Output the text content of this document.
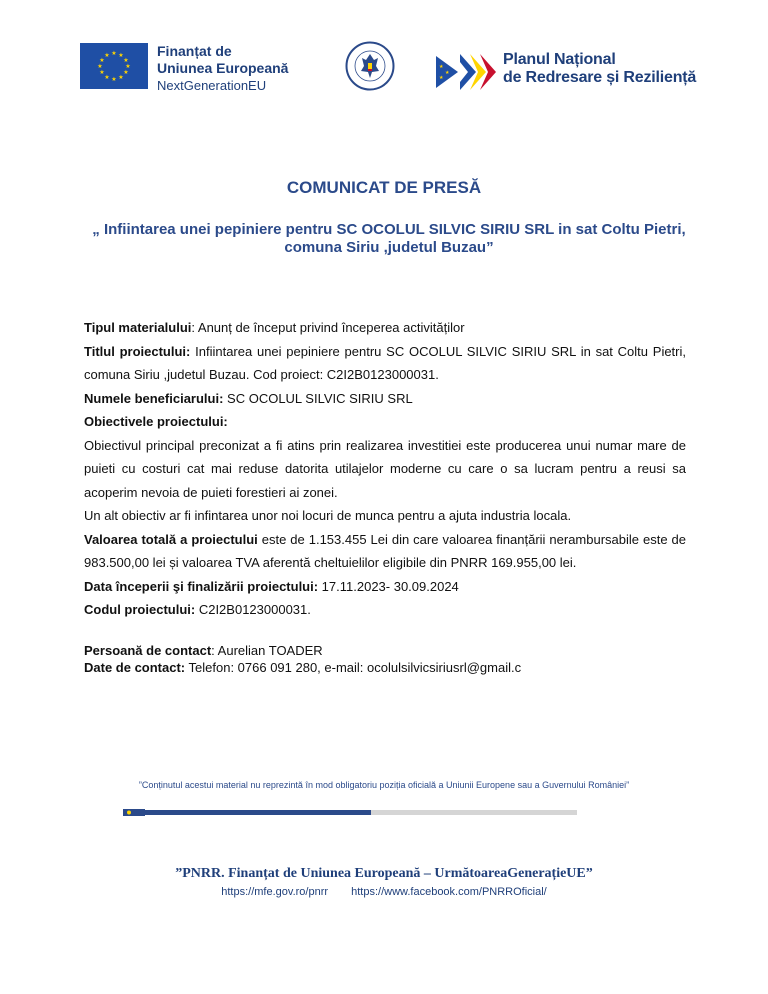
★ ★
★
★
★
★
★
★
★
★
★
★	Finanțat de
Uniunea Europeană
NextGenerationEU
★
★
★
Planul Național
de Redresare și Reziliență
COMUNICAT DE PRESĂ
„ Infiintarea unei pepiniere pentru SC OCOLUL SILVIC SIRIU SRL in sat Coltu Pietri, comuna Siriu ,judetul Buzau”

Tipul materialului: Anunț de început privind începerea activităților

Titlul proiectului: Infiintarea unei pepiniere pentru SC OCOLUL SILVIC SIRIU SRL in sat Coltu Pietri, comuna Siriu ,judetul Buzau. Cod proiect: C2I2B0123000031.

Numele beneficiarului: SC OCOLUL SILVIC SIRIU SRL

Obiectivele proiectului:

Obiectivul principal preconizat a fi atins prin realizarea investitiei este producerea unui numar mare de puieti cu costuri cat mai reduse datorita utilajelor moderne cu care o sa lucram pentru a reusi sa acoperim nevoia de puieti forestieri ai zonei.

Un alt obiectiv ar fi infintarea unor noi locuri de munca pentru a ajuta industria locala.

Valoarea totală a proiectului este de 1.153.455 Lei din care valoarea finanțării nerambursabile este de 983.500,00 lei și valoarea TVA aferentă cheltuielilor eligibile din PNRR 169.955,00 lei.

Data începerii şi finalizării proiectului: 17.11.2023- 30.09.2024

Codul proiectului: C2I2B0123000031.

Persoană de contact: Aurelian TOADER

Date de contact: Telefon: 0766 091 280, e-mail: ocolulsilvicsiriusrl@gmail.c

”Conținutul acestui material nu reprezintă în mod obligatoriu poziția oficială a Uniunii Europene sau a Guvernului României”
”PNRR. Finanțat de Uniunea Europeană – UrmătoareaGenerațieUE”
https://mfe.gov.ro/pnrr https://www.facebook.com/PNRROficial/
